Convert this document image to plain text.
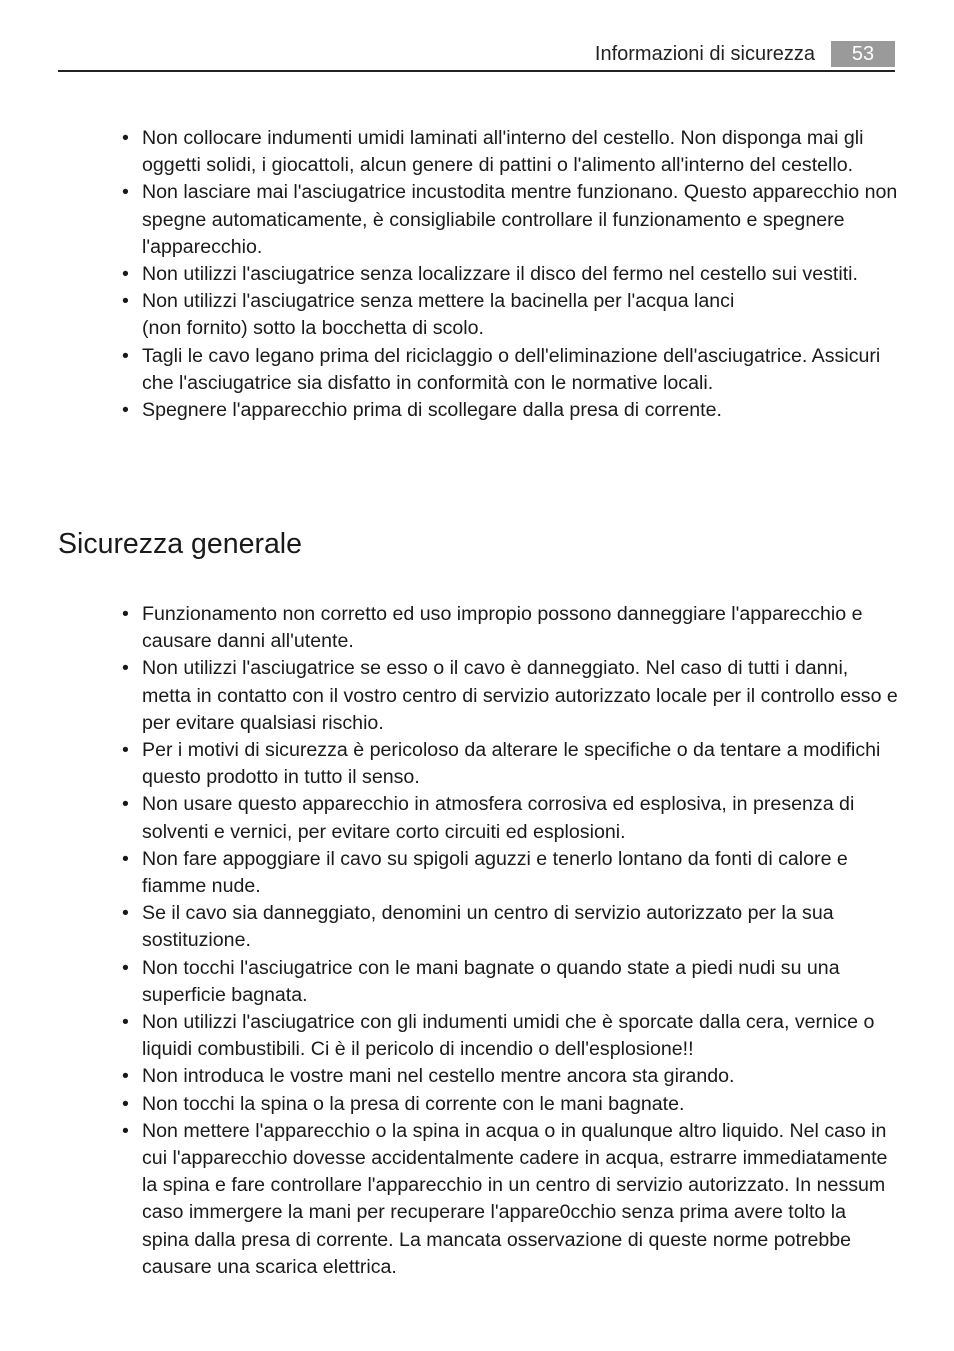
Informazioni di sicurezza	53
• Non collocare indumenti umidi laminati all'interno del cestello. Non disponga mai gli oggetti solidi, i giocattoli, alcun genere di pattini o l'alimento all'interno del cestello.
• Non lasciare mai l'asciugatrice incustodita mentre funzionano. Questo apparecchio non spegne automaticamente, è consigliabile controllare il funzionamento e spegnere l'apparecchio.
• Non utilizzi l'asciugatrice senza localizzare il disco del fermo nel cestello sui vestiti.
• Non utilizzi l'asciugatrice senza mettere la bacinella per l'acqua lanci
(non fornito) sotto la bocchetta di scolo.
• Tagli le cavo legano prima del riciclaggio o dell'eliminazione dell'asciugatrice. Assicuri che l'asciugatrice sia disfatto in conformità con le normative locali.
• Spegnere l'apparecchio prima di scollegare dalla presa di corrente.
Sicurezza generale
• Funzionamento non corretto ed uso impropio possono danneggiare l'apparecchio e causare danni all'utente.
• Non utilizzi l'asciugatrice se esso o il cavo è danneggiato. Nel caso di tutti i danni, metta in contatto con il vostro centro di servizio autorizzato locale per il controllo esso e per evitare qualsiasi rischio.
• Per i motivi di sicurezza è pericoloso da alterare le specifiche o da tentare a modifichi questo prodotto in tutto il senso.
• Non usare questo apparecchio in atmosfera corrosiva ed esplosiva, in presenza di solventi e vernici, per evitare corto circuiti ed esplosioni.
• Non fare appoggiare il cavo su spigoli aguzzi e tenerlo lontano da fonti di calore e fiamme nude.
• Se il cavo sia danneggiato, denomini un centro di servizio autorizzato per la sua sostituzione.
• Non tocchi l'asciugatrice con le mani bagnate o quando state a piedi nudi su una superficie bagnata.
• Non utilizzi l'asciugatrice con gli indumenti umidi che è sporcate dalla cera, vernice o liquidi combustibili. Ci è il pericolo di incendio o dell'esplosione!!
• Non introduca le vostre mani nel cestello mentre ancora sta girando.
• Non tocchi la spina o la presa di corrente con le mani bagnate.
• Non mettere l'apparecchio o la spina in acqua o in qualunque altro liquido. Nel caso in cui l'apparecchio dovesse accidentalmente cadere in acqua, estrarre immediatamente la spina e fare controllare l'apparecchio in un centro di servizio autorizzato. In nessum caso immergere la mani per recuperare l'appare0cchio senza prima avere tolto la spina dalla presa di corrente. La mancata osservazione di queste norme potrebbe causare una scarica elettrica.
